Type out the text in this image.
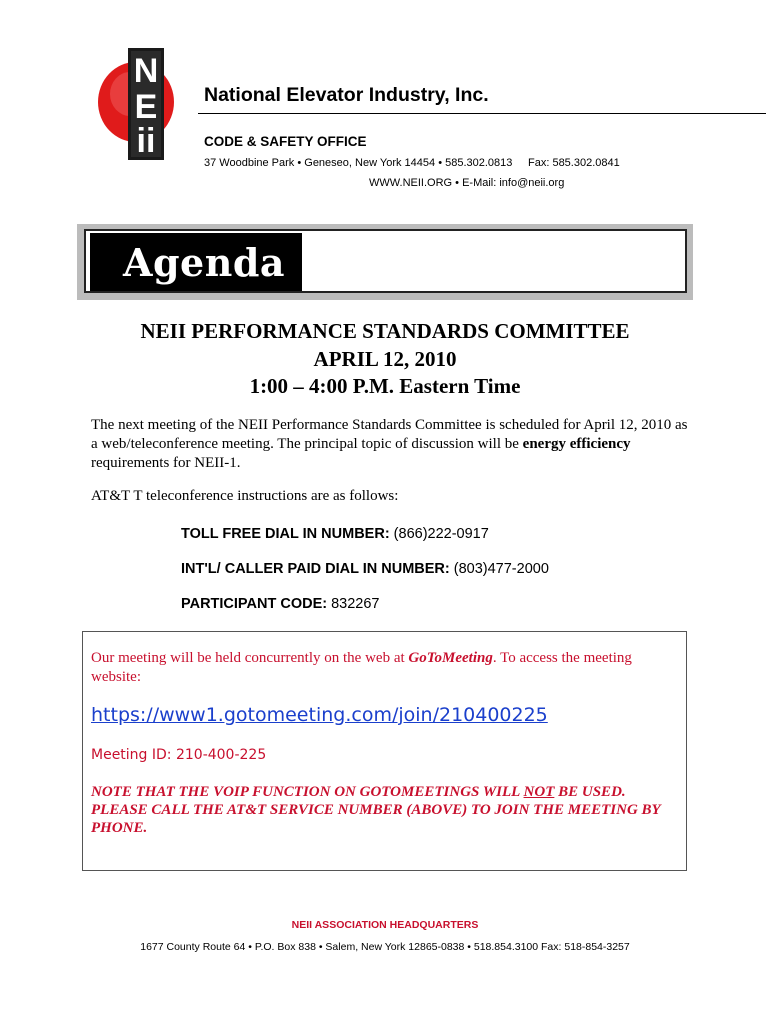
N
E
ii
National Elevator Industry, Inc.
CODE & SAFETY OFFICE
37 Woodbine Park • Geneseo, New York 14454 • 585.302.0813 Fax: 585.302.0841
WWW.NEII.ORG • E-Mail: info@neii.org
Agenda
NEII PERFORMANCE STANDARDS COMMITTEE
APRIL 12, 2010
1:00 – 4:00 P.M. Eastern Time
The next meeting of the NEII Performance Standards Committee is scheduled for April 12, 2010 as a web/teleconference meeting. The principal topic of discussion will be energy efficiency requirements for NEII-1.
AT&T T teleconference instructions are as follows:
TOLL FREE DIAL IN NUMBER: (866)222-0917
INT'L/ CALLER PAID DIAL IN NUMBER: (803)477-2000
PARTICIPANT CODE: 832267
Our meeting will be held concurrently on the web at GoToMeeting. To access the meeting website:
https://www1.gotomeeting.com/join/210400225
Meeting ID: 210-400-225
NOTE THAT THE VOIP FUNCTION ON GOTOMEETINGS WILL NOT BE USED. PLEASE CALL THE AT&T SERVICE NUMBER (ABOVE) TO JOIN THE MEETING BY PHONE.
NEII ASSOCIATION HEADQUARTERS
1677 County Route 64 • P.O. Box 838 • Salem, New York 12865-0838 • 518.854.3100 Fax: 518-854-3257
